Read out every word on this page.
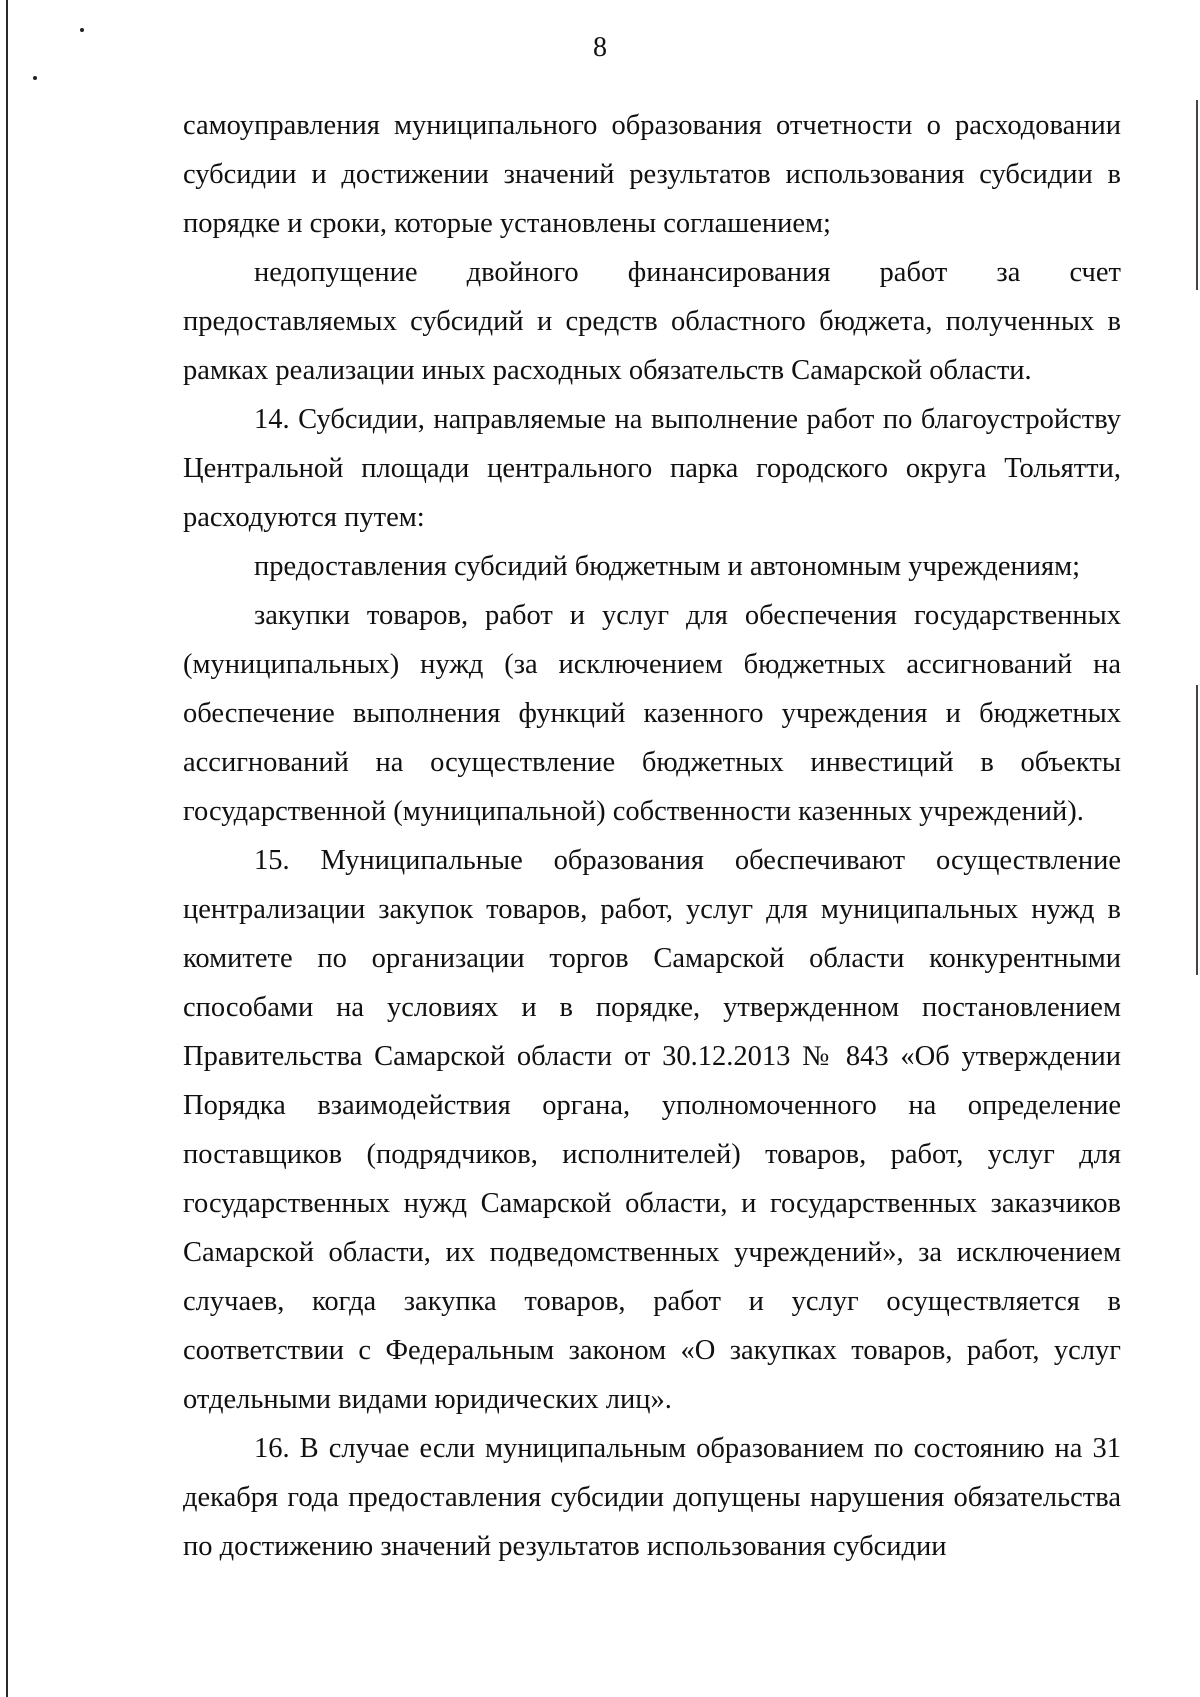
8

самоуправления муниципального образования отчетности о расходовании субсидии и достижении значений результатов использования субсидии в порядке и сроки, которые установлены соглашением;

недопущение двойного финансирования работ за счет предоставляемых субсидий и средств областного бюджета, полученных в рамках реализации иных расходных обязательств Самарской области.

14. Субсидии, направляемые на выполнение работ по благоустройству Центральной площади центрального парка городского округа Тольятти, расходуются путем:

предоставления субсидий бюджетным и автономным учреждениям;

закупки товаров, работ и услуг для обеспечения государственных (муниципальных) нужд (за исключением бюджетных ассигнований на обеспечение выполнения функций казенного учреждения и бюджетных ассигнований на осуществление бюджетных инвестиций в объекты государственной (муниципальной) собственности казенных учреждений).

15. Муниципальные образования обеспечивают осуществление централизации закупок товаров, работ, услуг для муниципальных нужд в комитете по организации торгов Самарской области конкурентными способами на условиях и в порядке, утвержденном постановлением Правительства Самарской области от 30.12.2013 № 843 «Об утверждении Порядка взаимодействия органа, уполномоченного на определение поставщиков (подрядчиков, исполнителей) товаров, работ, услуг для государственных нужд Самарской области, и государственных заказчиков Самарской области, их подведомственных учреждений», за исключением случаев, когда закупка товаров, работ и услуг осуществляется в соответствии с Федеральным законом «О закупках товаров, работ, услуг отдельными видами юридических лиц».

16. В случае если муниципальным образованием по состоянию на 31 декабря года предоставления субсидии допущены нарушения обязательства по достижению значений результатов использования субсидии
